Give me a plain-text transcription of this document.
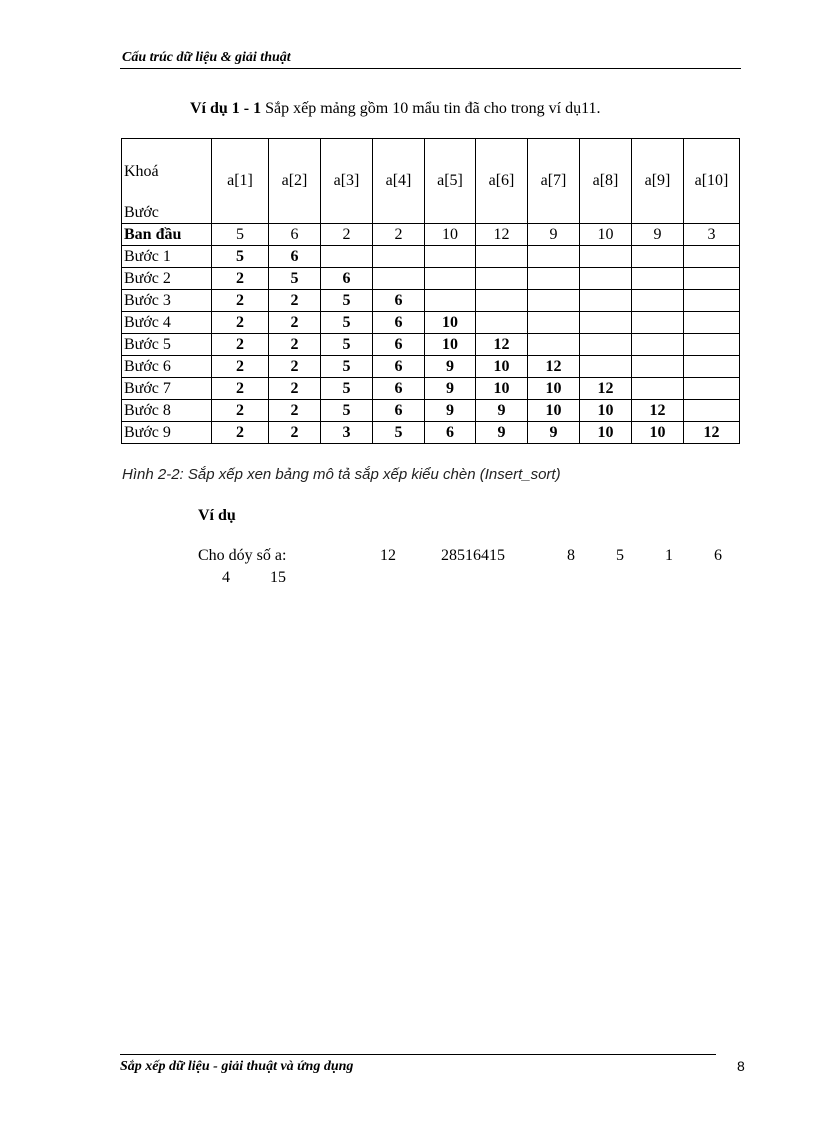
Cấu trúc dữ liệu & giải thuật
Ví dụ 1 - 1 Sắp xếp mảng gồm 10 mẩu tin đã cho trong ví dụ11.
Khoá
Bước	a[1]	a[2]	a[3]	a[4]	a[5]	a[6]	a[7]	a[8]	a[9]	a[10]
Ban đầu	5	6	2	2	10	12	9	10	9	3
Bước 1	5	6								
Bước 2	2	5	6							
Bước 3	2	2	5	6						
Bước 4	2	2	5	6	10					
Bước 5	2	2	5	6	10	12				
Bước 6	2	2	5	6	9	10	12			
Bước 7	2	2	5	6	9	10	10	12		
Bước 8	2	2	5	6	9	9	10	10	12	
Bước 9	2	2	3	5	6	9	9	10	10	12
Hình 2-2: Sắp xếp xen bảng mô tả sắp xếp kiểu chèn (Insert_sort)
Ví dụ
Cho dóy số a:	12	28516415	8	5	1	6
4	15
Sắp xếp dữ liệu - giải thuật và ứng dụng	8
